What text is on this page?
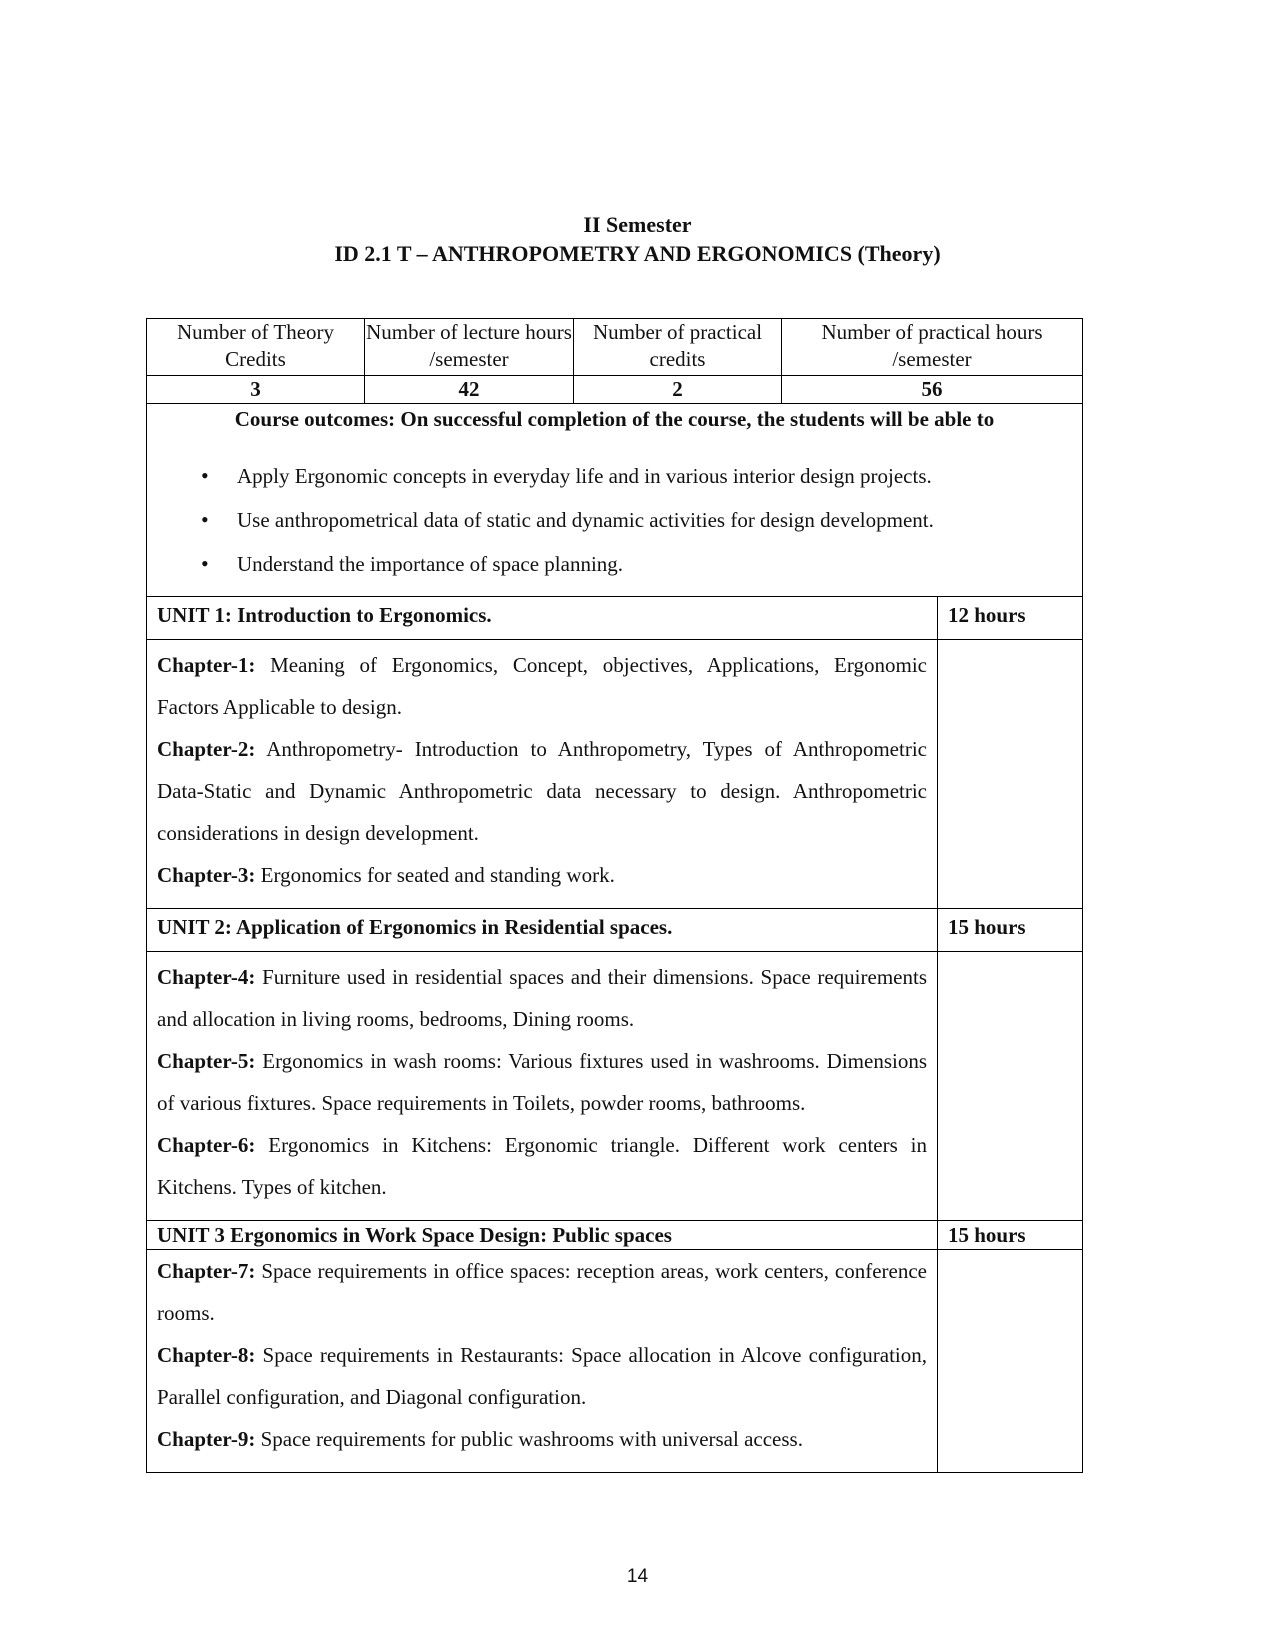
II Semester
ID 2.1 T – ANTHROPOMETRY AND ERGONOMICS (Theory)
Number of Theory Credits	Number of lecture hours /semester	Number of practical credits	Number of practical hours /semester
3	42	2	56
Course outcomes: On successful completion of the course, the students will be able to
• Apply Ergonomic concepts in everyday life and in various interior design projects.
• Use anthropometrical data of static and dynamic activities for design development.
• Understand the importance of space planning.
UNIT 1: Introduction to Ergonomics.	12 hours

Chapter-1: Meaning of Ergonomics, Concept, objectives, Applications, Ergonomic Factors Applicable to design.

Chapter-2: Anthropometry- Introduction to Anthropometry, Types of Anthropometric Data-Static and Dynamic Anthropometric data necessary to design. Anthropometric considerations in design development.

Chapter-3: Ergonomics for seated and standing work.	

UNIT 2: Application of Ergonomics in Residential spaces.	15 hours

Chapter-4: Furniture used in residential spaces and their dimensions. Space requirements and allocation in living rooms, bedrooms, Dining rooms.

Chapter-5: Ergonomics in wash rooms: Various fixtures used in washrooms. Dimensions of various fixtures. Space requirements in Toilets, powder rooms, bathrooms.

Chapter-6: Ergonomics in Kitchens: Ergonomic triangle. Different work centers in Kitchens. Types of kitchen.	

UNIT 3 Ergonomics in Work Space Design: Public spaces	15 hours

Chapter-7: Space requirements in office spaces: reception areas, work centers, conference rooms.

Chapter-8: Space requirements in Restaurants: Space allocation in Alcove configuration, Parallel configuration, and Diagonal configuration.

Chapter-9: Space requirements for public washrooms with universal access.	

14
